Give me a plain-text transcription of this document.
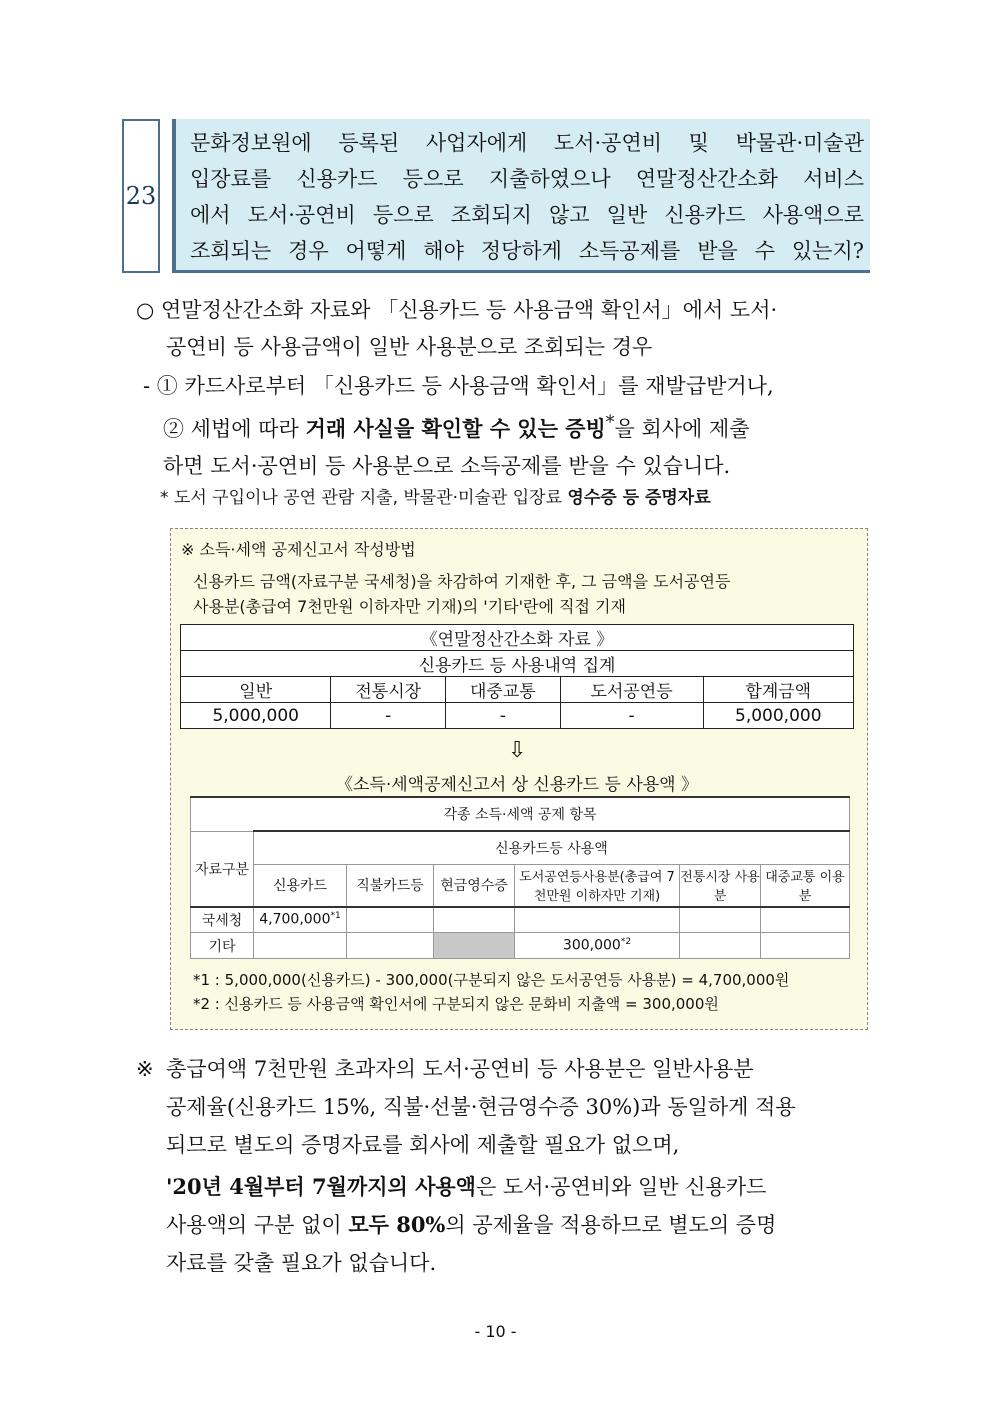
23
문화정보원에 등록된 사업자에게 도서·공연비 및 박물관·미술관
입장료를 신용카드 등으로 지출하였으나 연말정산간소화 서비스
에서 도서·공연비 등으로 조회되지 않고 일반 신용카드 사용액으로
조회되는 경우 어떻게 해야 정당하게 소득공제를 받을 수 있는지?
○ 연말정산간소화 자료와 「신용카드 등 사용금액 확인서」에서 도서·
공연비 등 사용금액이 일반 사용분으로 조회되는 경우
- ① 카드사로부터 「신용카드 등 사용금액 확인서」를 재발급받거나,
② 세법에 따라 거래 사실을 확인할 수 있는 증빙*을 회사에 제출
하면 도서·공연비 등 사용분으로 소득공제를 받을 수 있습니다.
* 도서 구입이나 공연 관람 지출, 박물관·미술관 입장료 영수증 등 증명자료
※ 소득·세액 공제신고서 작성방법
신용카드 금액(자료구분 국세청)을 차감하여 기재한 후, 그 금액을 도서공연등
사용분(총급여 7천만원 이하자만 기재)의 '기타'란에 직접 기재
《연말정산간소화 자료 》				
신용카드 등 사용내역 집계				
일반	전통시장	대중교통	도서공연등	합계금액
5,000,000	-	-	-	5,000,000
⇩
《소득·세액공제신고서 상 신용카드 등 사용액 》
각종 소득·세액 공제 항목						
자료구분	신용카드등 사용액					
	신용카드	직불카드등	현금영수증	도서공연등사용분(총급여 7천만원 이하자만 기재)	전통시장 사용분	대중교통 이용분
국세청	4,700,000$^{*1}$					
기타				300,000$^{*2}$		
*1 : 5,000,000(신용카드) - 300,000(구분되지 않은 도서공연등 사용분) = 4,700,000원
*2 : 신용카드 등 사용금액 확인서에 구분되지 않은 문화비 지출액 = 300,000원
※ 총급여액 7천만원 초과자의 도서·공연비 등 사용분은 일반사용분
공제율(신용카드 15%, 직불·선불·현금영수증 30%)과 동일하게 적용
되므로 별도의 증명자료를 회사에 제출할 필요가 없으며,
'20년 4월부터 7월까지의 사용액은 도서·공연비와 일반 신용카드
사용액의 구분 없이 모두 80%의 공제율을 적용하므로 별도의 증명
자료를 갖출 필요가 없습니다.
- 10 -
